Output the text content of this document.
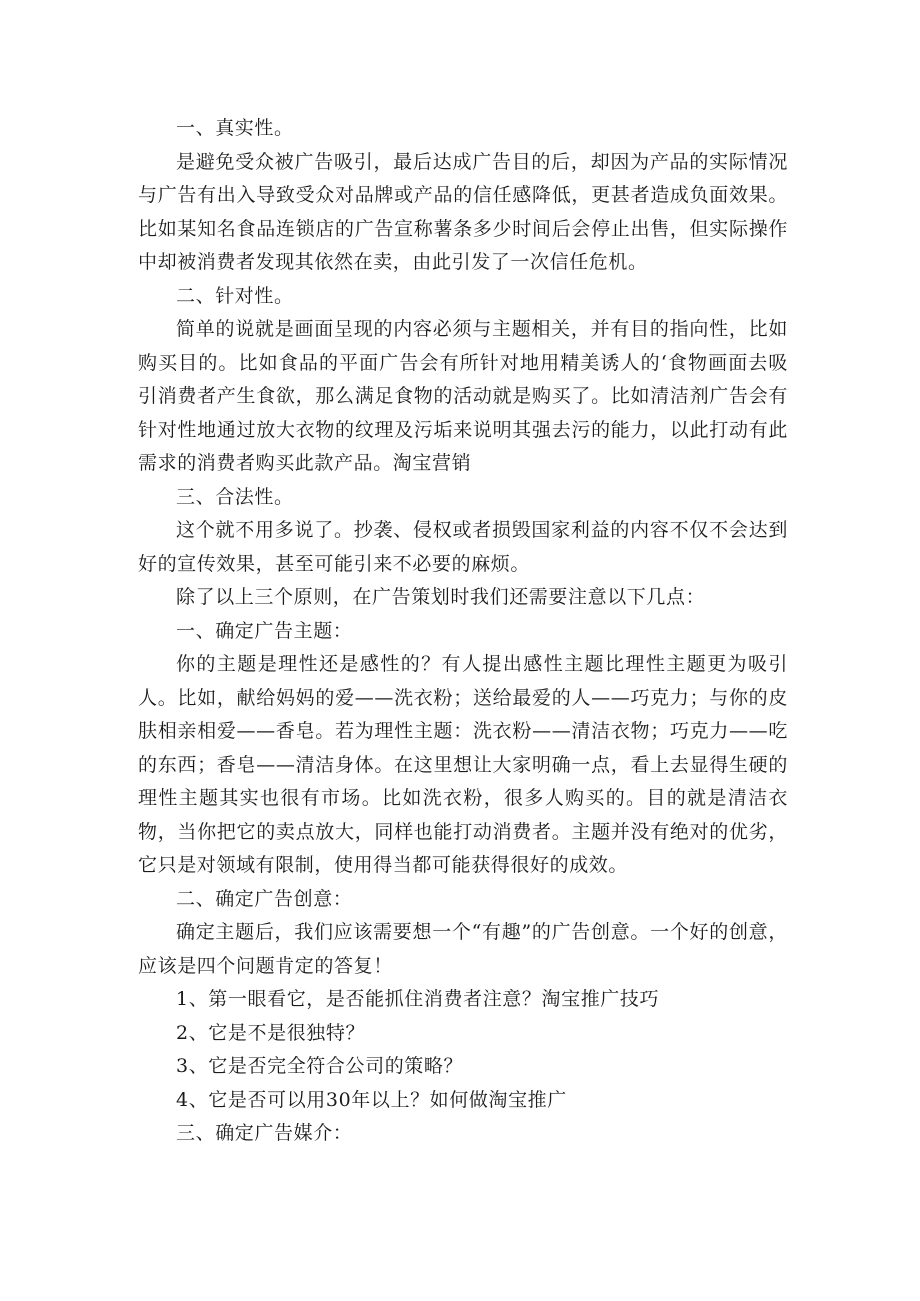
一、真实性。

是避免受众被广告吸引，最后达成广告目的后，却因为产品的实际情况与广告有出入导致受众对品牌或产品的信任感降低，更甚者造成负面效果。比如某知名食品连锁店的广告宣称薯条多少时间后会停止出售，但实际操作中却被消费者发现其依然在卖，由此引发了一次信任危机。

二、针对性。

简单的说就是画面呈现的内容必须与主题相关，并有目的指向性，比如购买目的。比如食品的平面广告会有所针对地用精美诱人的‘食物画面去吸引消费者产生食欲，那么满足食物的活动就是购买了。比如清洁剂广告会有针对性地通过放大衣物的纹理及污垢来说明其强去污的能力，以此打动有此需求的消费者购买此款产品。淘宝营销

三、合法性。

这个就不用多说了。抄袭、侵权或者损毁国家利益的内容不仅不会达到好的宣传效果，甚至可能引来不必要的麻烦。

除了以上三个原则，在广告策划时我们还需要注意以下几点：

一、确定广告主题：

你的主题是理性还是感性的？有人提出感性主题比理性主题更为吸引人。比如，献给妈妈的爱——洗衣粉；送给最爱的人——巧克力；与你的皮肤相亲相爱——香皂。若为理性主题：洗衣粉——清洁衣物；巧克力——吃的东西；香皂——清洁身体。在这里想让大家明确一点，看上去显得生硬的理性主题其实也很有市场。比如洗衣粉，很多人购买的。目的就是清洁衣物，当你把它的卖点放大，同样也能打动消费者。主题并没有绝对的优劣，它只是对领域有限制，使用得当都可能获得很好的成效。

二、确定广告创意：

确定主题后，我们应该需要想一个“有趣”的广告创意。一个好的创意，应该是四个问题肯定的答复！

1、第一眼看它，是否能抓住消费者注意？淘宝推广技巧

2、它是不是很独特？

3、它是否完全符合公司的策略？

4、它是否可以用30年以上？如何做淘宝推广

三、确定广告媒介：
